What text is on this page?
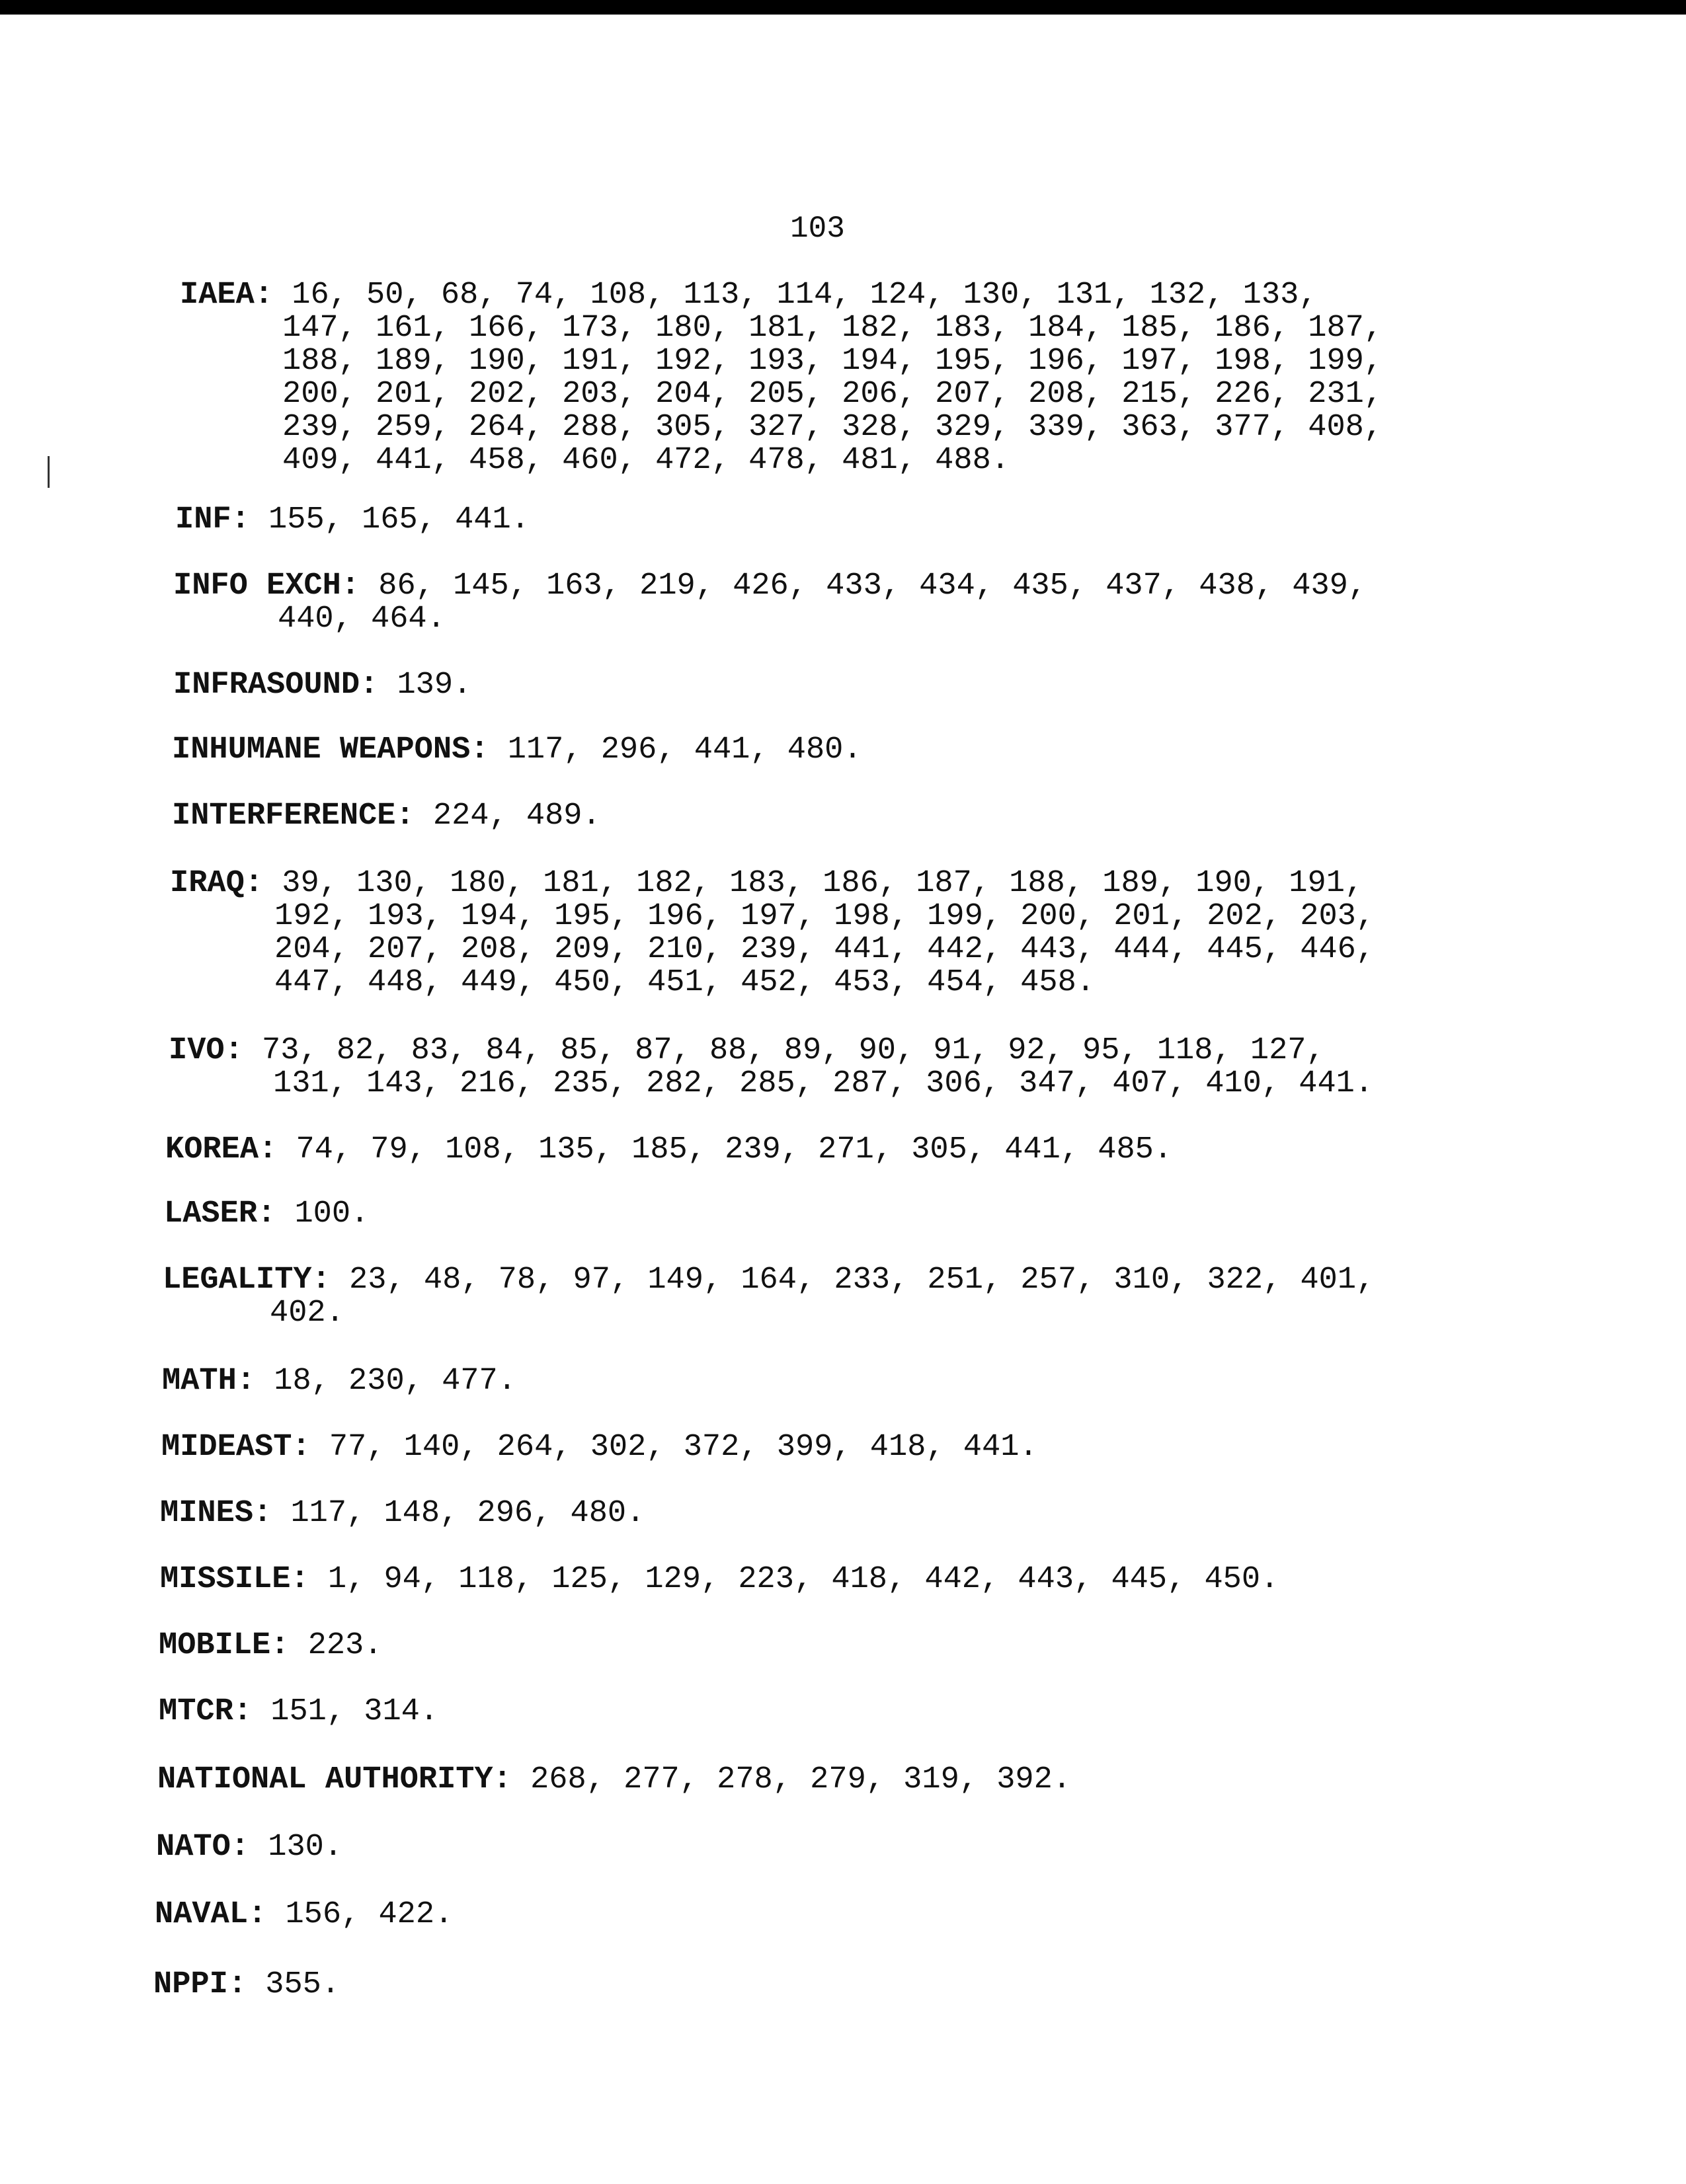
103
IAEA: 16, 50, 68, 74, 108, 113, 114, 124, 130, 131, 132, 133,
147, 161, 166, 173, 180, 181, 182, 183, 184, 185, 186, 187,
188, 189, 190, 191, 192, 193, 194, 195, 196, 197, 198, 199,
200, 201, 202, 203, 204, 205, 206, 207, 208, 215, 226, 231,
239, 259, 264, 288, 305, 327, 328, 329, 339, 363, 377, 408,
409, 441, 458, 460, 472, 478, 481, 488.
INF: 155, 165, 441.
INFO EXCH: 86, 145, 163, 219, 426, 433, 434, 435, 437, 438, 439,
440, 464.
INFRASOUND: 139.
INHUMANE WEAPONS: 117, 296, 441, 480.
INTERFERENCE: 224, 489.
IRAQ: 39, 130, 180, 181, 182, 183, 186, 187, 188, 189, 190, 191,
192, 193, 194, 195, 196, 197, 198, 199, 200, 201, 202, 203,
204, 207, 208, 209, 210, 239, 441, 442, 443, 444, 445, 446,
447, 448, 449, 450, 451, 452, 453, 454, 458.
IVO: 73, 82, 83, 84, 85, 87, 88, 89, 90, 91, 92, 95, 118, 127,
131, 143, 216, 235, 282, 285, 287, 306, 347, 407, 410, 441.
KOREA: 74, 79, 108, 135, 185, 239, 271, 305, 441, 485.
LASER: 100.
LEGALITY: 23, 48, 78, 97, 149, 164, 233, 251, 257, 310, 322, 401,
402.
MATH: 18, 230, 477.
MIDEAST: 77, 140, 264, 302, 372, 399, 418, 441.
MINES: 117, 148, 296, 480.
MISSILE: 1, 94, 118, 125, 129, 223, 418, 442, 443, 445, 450.
MOBILE: 223.
MTCR: 151, 314.
NATIONAL AUTHORITY: 268, 277, 278, 279, 319, 392.
NATO: 130.
NAVAL: 156, 422.
NPPI: 355.
